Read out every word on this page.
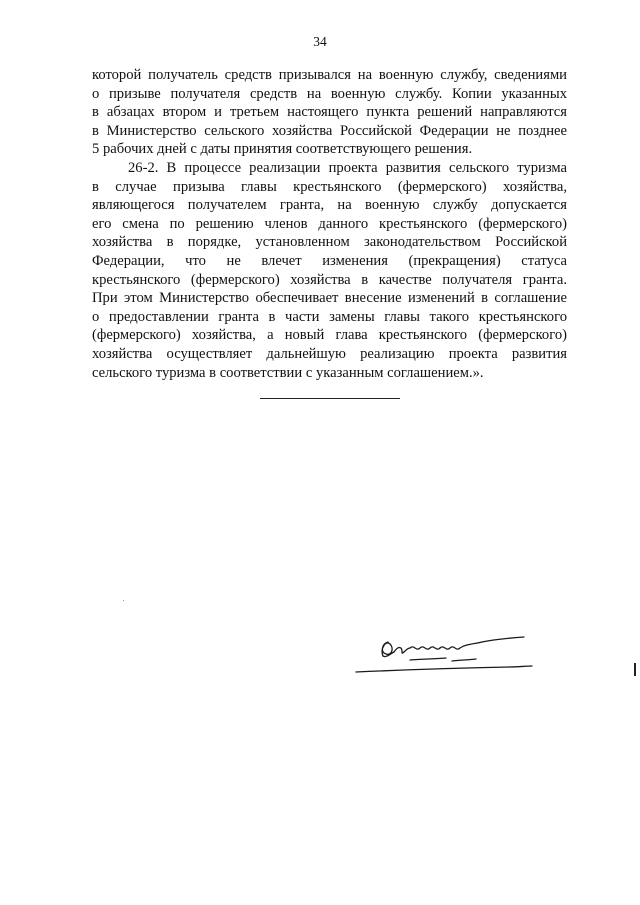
34
которой получатель средств призывался на военную службу, сведениями
о призыве получателя средств на военную службу. Копии указанных
в абзацах втором и третьем настоящего пункта решений направляются
в Министерство сельского хозяйства Российской Федерации не позднее
5 рабочих дней с даты принятия соответствующего решения.
26-2. В процессе реализации проекта развития сельского туризма
в случае призыва главы крестьянского (фермерского) хозяйства,
являющегося получателем гранта, на военную службу допускается
его смена по решению членов данного крестьянского (фермерского)
хозяйства в порядке, установленном законодательством Российской
Федерации, что не влечет изменения (прекращения) статуса
крестьянского (фермерского) хозяйства в качестве получателя гранта.
При этом Министерство обеспечивает внесение изменений в соглашение
о предоставлении гранта в части замены главы такого крестьянского
(фермерского) хозяйства, а новый глава крестьянского (фермерского)
хозяйства осуществляет дальнейшую реализацию проекта развития
сельского туризма в соответствии с указанным соглашением.».
